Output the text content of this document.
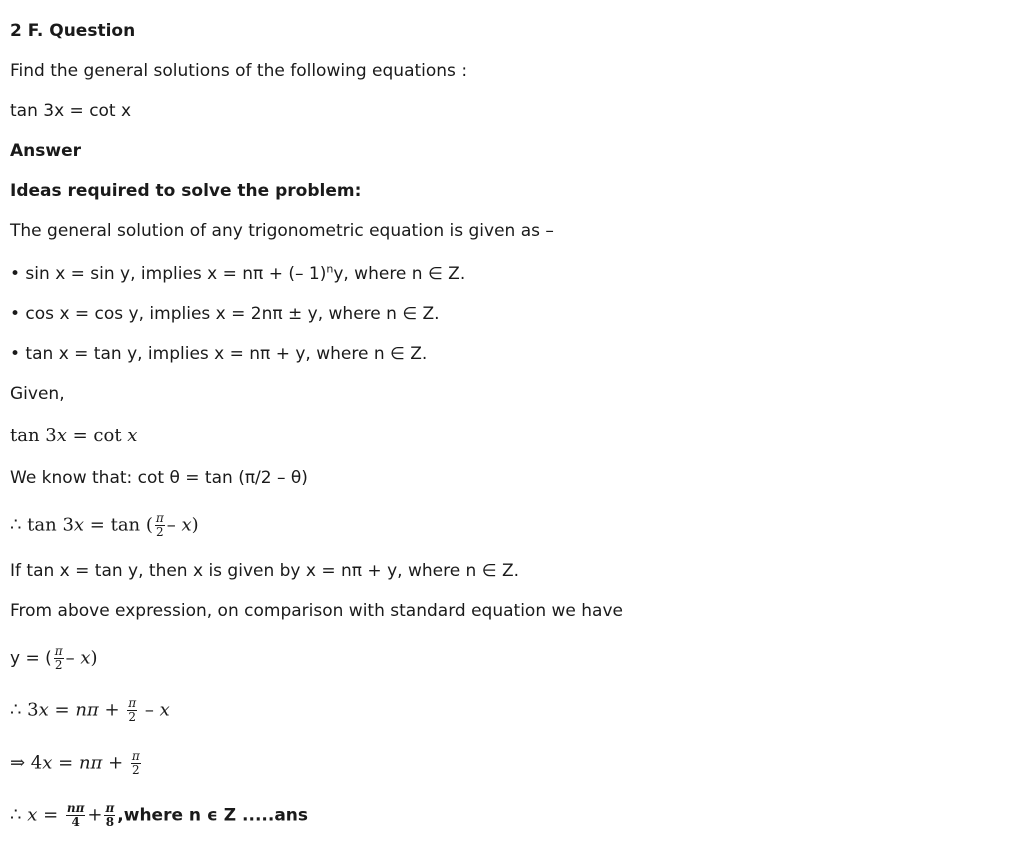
2 F. Question
Find the general solutions of the following equations :
tan 3x = cot x
Answer
Ideas required to solve the problem:
The general solution of any trigonometric equation is given as –
• sin x = sin y, implies x = nπ + (– 1)$^n$y, where n ∈ Z.
• cos x = cos y, implies x = 2nπ ± y, where n ∈ Z.
• tan x = tan y, implies x = nπ + y, where n ∈ Z.
Given,
tan 3x = cot x
We know that: cot θ = tan (π/2 – θ)
∴ tan 3x = tan ( $\frac{\pi}{2} - x$)
If tan x = tan y, then x is given by x = nπ + y, where n ∈ Z.
From above expression, on comparison with standard equation we have
y = ( $\frac{\pi}{2} - x$)
∴ $3x = n\pi + \frac{\pi}{2} - x$
⇒ $4x = n\pi + \frac{\pi}{2}$
∴ $x = \frac{n\pi}{4} + \frac{\pi}{8}$ ,where n ϵ Z .....ans
